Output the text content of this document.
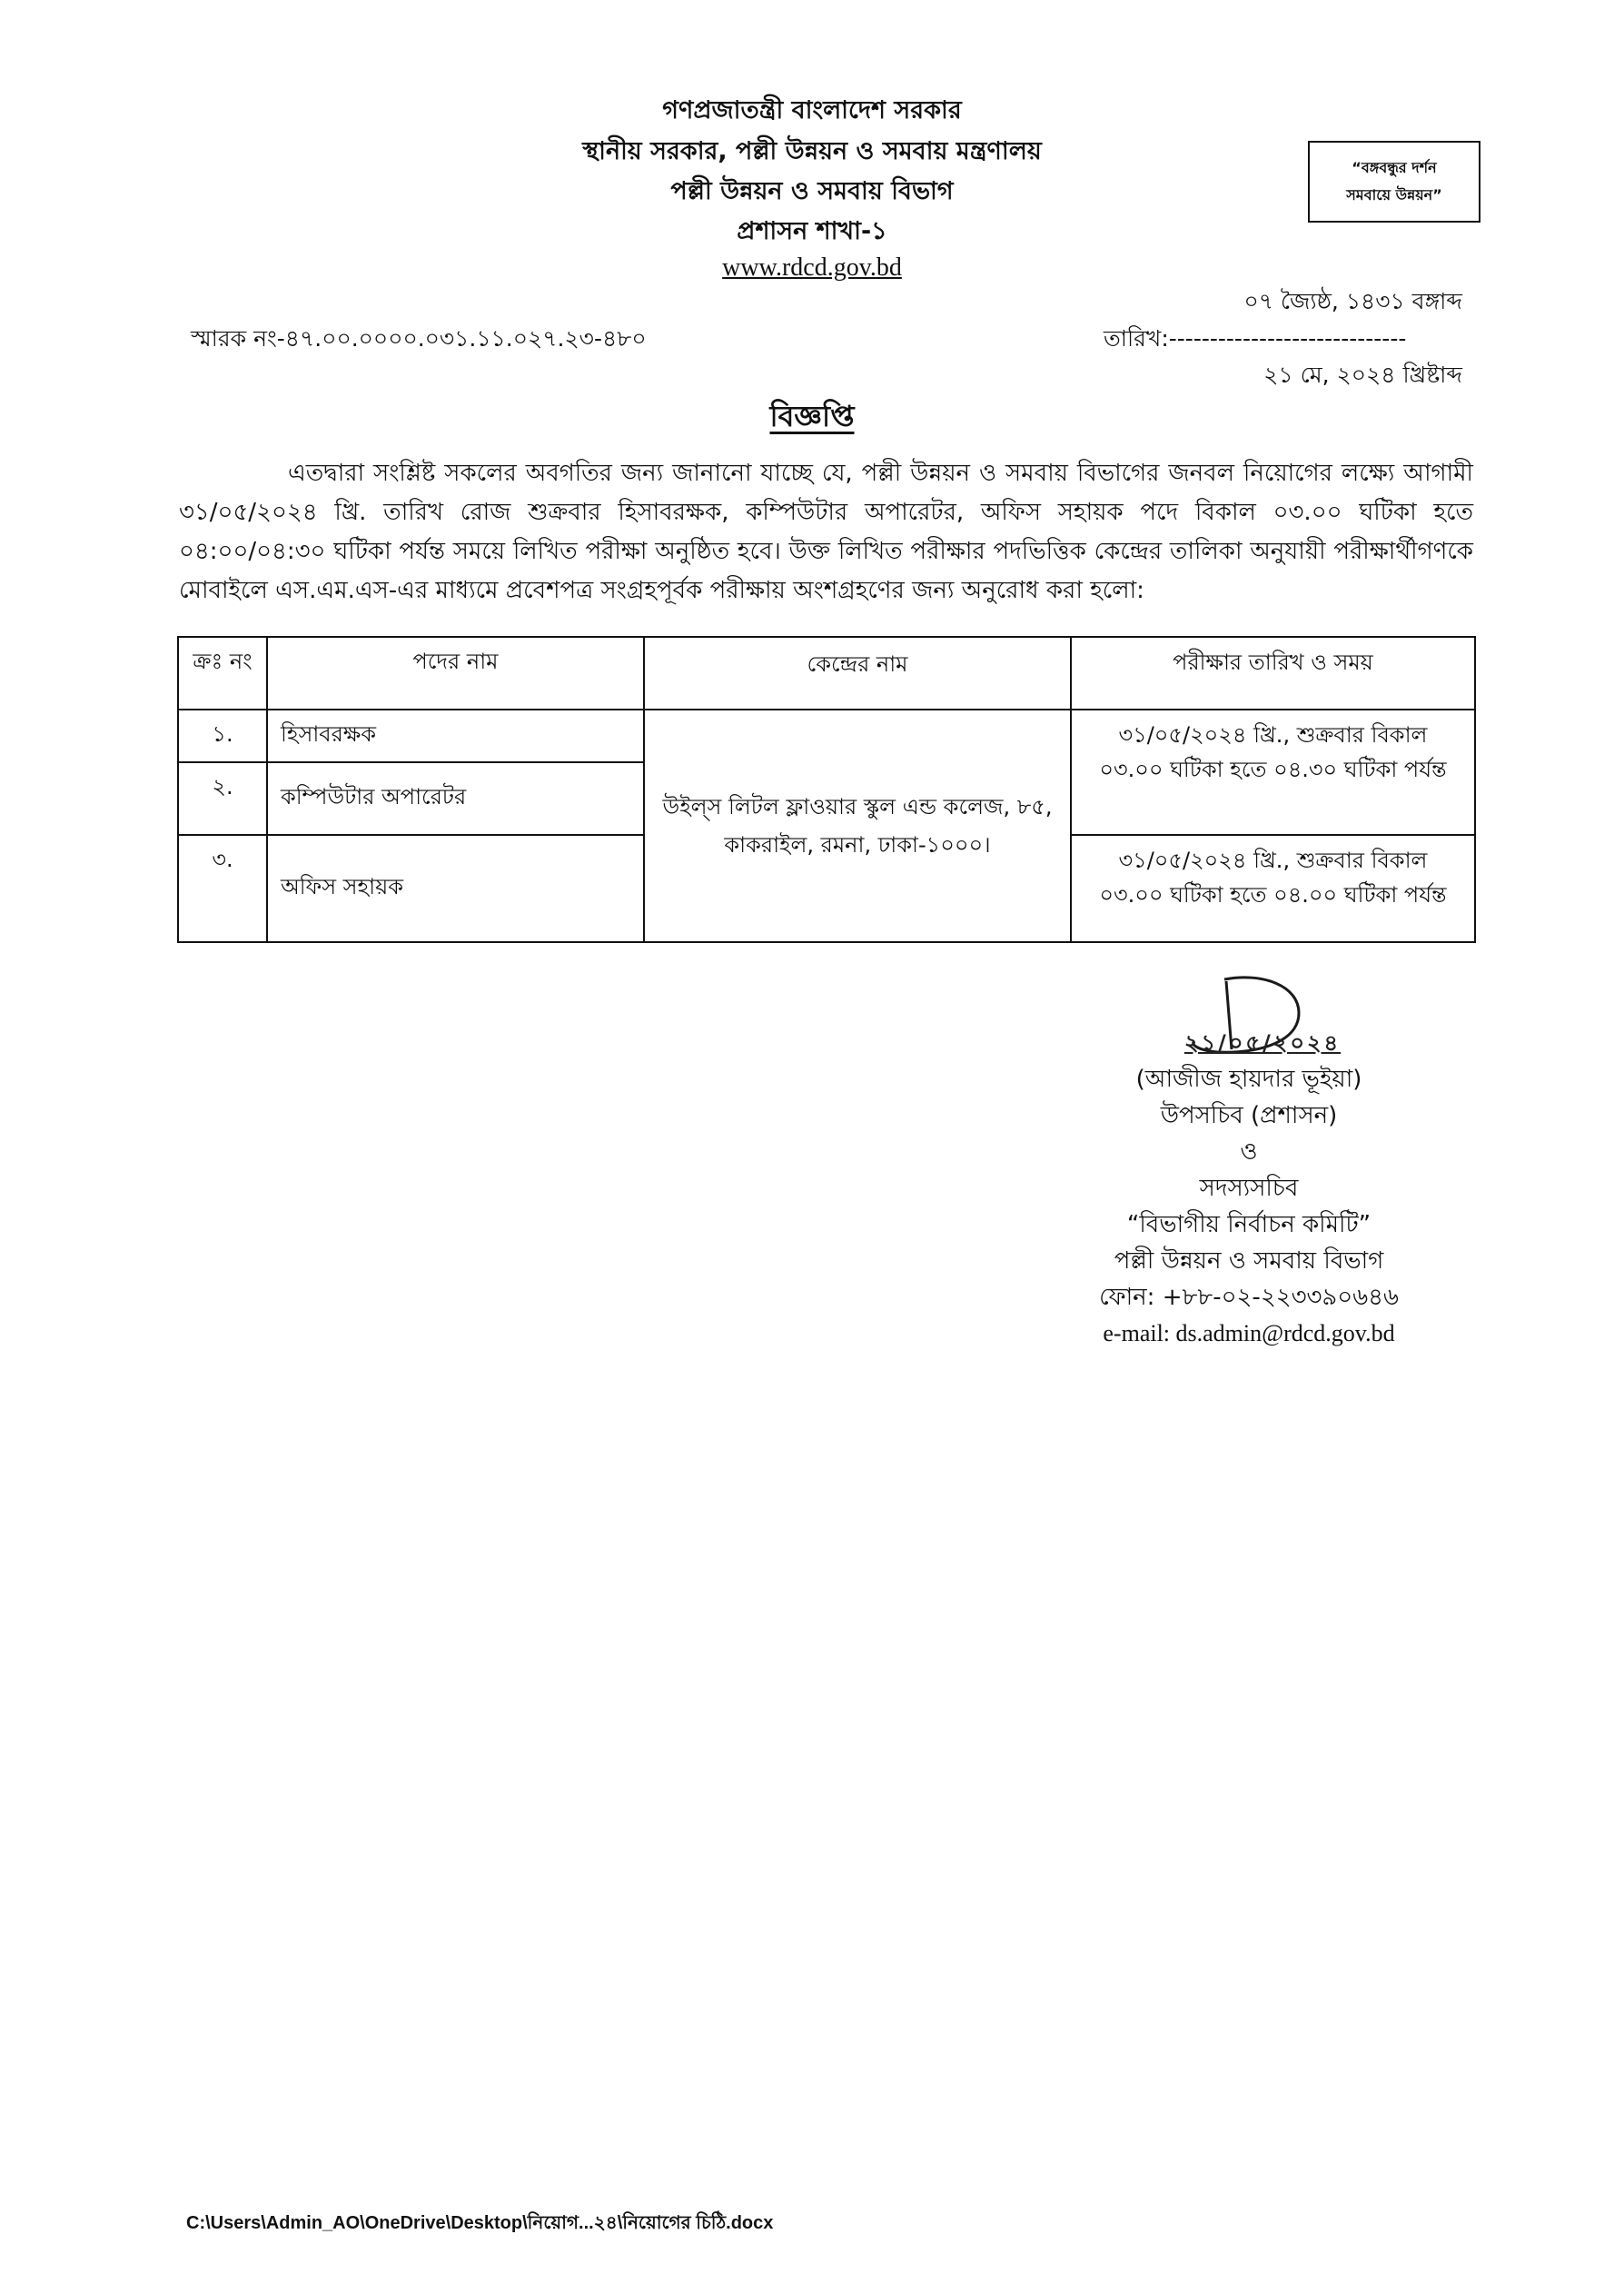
গণপ্রজাতন্ত্রী বাংলাদেশ সরকার
স্থানীয় সরকার, পল্লী উন্নয়ন ও সমবায় মন্ত্রণালয়
পল্লী উন্নয়ন ও সমবায় বিভাগ
প্রশাসন শাখা-১
www.rdcd.gov.bd
“বঙ্গবন্ধুর দর্শন
সমবায়ে উন্নয়ন”
০৭ জ্যৈষ্ঠ, ১৪৩১ বঙ্গাব্দ
স্মারক নং-৪৭.০০.০০০০.০৩১.১১.০২৭.২৩-৪৮০	তারিখ:-----------------------------
২১ মে, ২০২৪ খ্রিষ্টাব্দ
বিজ্ঞপ্তি
এতদ্বারা সংশ্লিষ্ট সকলের অবগতির জন্য জানানো যাচ্ছে যে, পল্লী উন্নয়ন ও সমবায় বিভাগের জনবল নিয়োগের লক্ষ্যে আগামী ৩১/০৫/২০২৪ খ্রি. তারিখ রোজ শুক্রবার হিসাবরক্ষক, কম্পিউটার অপারেটর, অফিস সহায়ক পদে বিকাল ০৩.০০ ঘটিকা হতে ০৪:০০/০৪:৩০ ঘটিকা পর্যন্ত সময়ে লিখিত পরীক্ষা অনুষ্ঠিত হবে। উক্ত লিখিত পরীক্ষার পদভিত্তিক কেন্দ্রের তালিকা অনুযায়ী পরীক্ষার্থীগণকে মোবাইলে এস.এম.এস-এর মাধ্যমে প্রবেশপত্র সংগ্রহপূর্বক পরীক্ষায় অংশগ্রহণের জন্য অনুরোধ করা হলো:
ক্রঃ নং	পদের নাম	কেন্দ্রের নাম	পরীক্ষার তারিখ ও সময়
১.	হিসাবরক্ষক	উইল্‌স লিটল ফ্লাওয়ার স্কুল এন্ড কলেজ, ৮৫, কাকরাইল, রমনা, ঢাকা-১০০০।	৩১/০৫/২০২৪ খ্রি., শুক্রবার বিকাল ০৩.০০ ঘটিকা হতে ০৪.৩০ ঘটিকা পর্যন্ত
২.	কম্পিউটার অপারেটর		
৩.	অফিস সহায়ক		৩১/০৫/২০২৪ খ্রি., শুক্রবার বিকাল ০৩.০০ ঘটিকা হতে ০৪.০০ ঘটিকা পর্যন্ত
২১/০৫/২০২৪
(আজীজ হায়দার ভূইয়া)
উপসচিব (প্রশাসন)
ও
সদস্যসচিব
“বিভাগীয় নির্বাচন কমিটি”
পল্লী উন্নয়ন ও সমবায় বিভাগ
ফোন: +৮৮-০২-২২৩৩৯০৬৪৬
e-mail: ds.admin@rdcd.gov.bd
C:\Users\Admin_AO\OneDrive\Desktop\নিয়োগ...২৪\নিয়োগের চিঠি.docx
